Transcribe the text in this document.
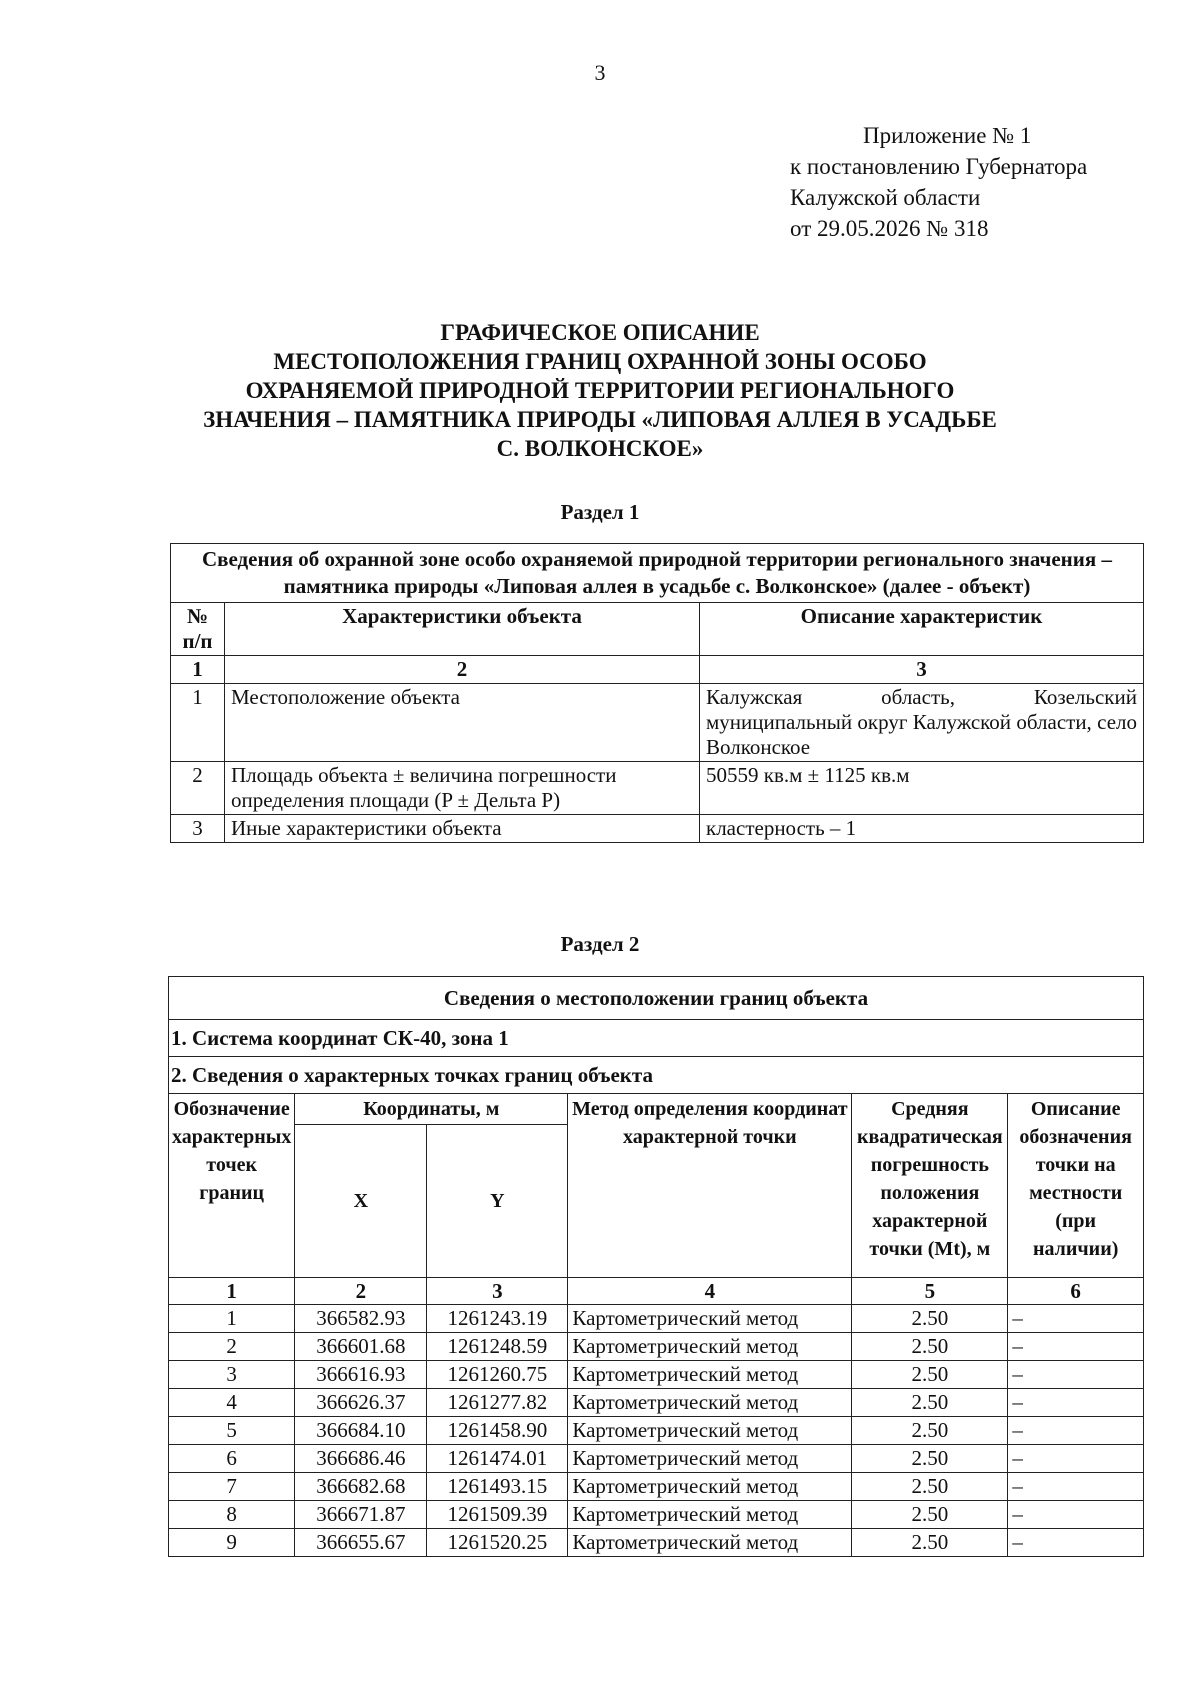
3
Приложение № 1
к постановлению Губернатора
Калужской области
от 29.05.2026 № 318
ГРАФИЧЕСКОЕ ОПИСАНИЕ
МЕСТОПОЛОЖЕНИЯ ГРАНИЦ ОХРАННОЙ ЗОНЫ ОСОБО
ОХРАНЯЕМОЙ ПРИРОДНОЙ ТЕРРИТОРИИ РЕГИОНАЛЬНОГО
ЗНАЧЕНИЯ – ПАМЯТНИКА ПРИРОДЫ «ЛИПОВАЯ АЛЛЕЯ В УСАДЬБЕ
С. ВОЛКОНСКОЕ»
Раздел 1
Сведения об охранной зоне особо охраняемой природной территории регионального значения – памятника природы «Липовая аллея в усадьбе с. Волконское» (далее - объект)		
№ п/п	Характеристики объекта	Описание характеристик
1	2	3
1	Местоположение объекта	Калужская область, Козельский муниципальный округ Калужской области, село Волконское
2	Площадь объекта ± величина погрешности определения площади (P ± Дельта P)	50559 кв.м ± 1125 кв.м
3	Иные характеристики объекта	кластерность – 1
Раздел 2
Сведения о местоположении границ объекта					
1. Система координат СК-40, зона 1					
2. Сведения о характерных точках границ объекта					
Обозначение характерных точек границ	Координаты, м		Метод определения координат характерной точки	Средняя квадратическая погрешность положения характерной точки (Mt), м	Описание обозначения точки на местности (при наличии)
	X	Y			
1	2	3	4	5	6
1	366582.93	1261243.19	Картометрический метод	2.50	–
2	366601.68	1261248.59	Картометрический метод	2.50	–
3	366616.93	1261260.75	Картометрический метод	2.50	–
4	366626.37	1261277.82	Картометрический метод	2.50	–
5	366684.10	1261458.90	Картометрический метод	2.50	–
6	366686.46	1261474.01	Картометрический метод	2.50	–
7	366682.68	1261493.15	Картометрический метод	2.50	–
8	366671.87	1261509.39	Картометрический метод	2.50	–
9	366655.67	1261520.25	Картометрический метод	2.50	–
